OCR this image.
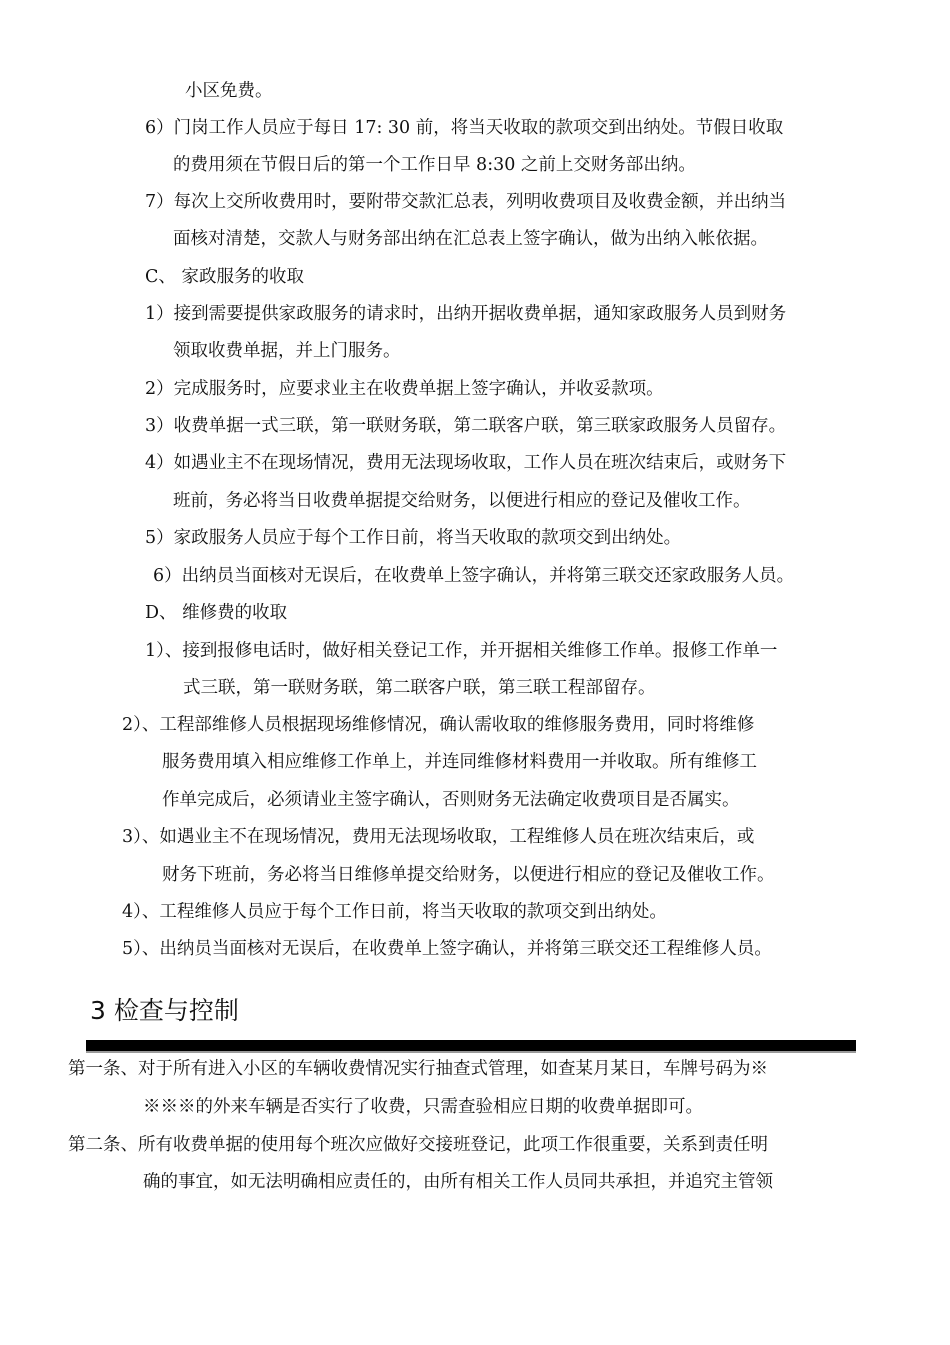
小区免费。
6）门岗工作人员应于每日 17: 30 前，将当天收取的款项交到出纳处。节假日收取
的费用须在节假日后的第一个工作日早 8:30 之前上交财务部出纳。
7）每次上交所收费用时，要附带交款汇总表，列明收费项目及收费金额，并出纳当
面核对清楚，交款人与财务部出纳在汇总表上签字确认，做为出纳入帐依据。
C、 家政服务的收取
1）接到需要提供家政服务的请求时，出纳开据收费单据，通知家政服务人员到财务
领取收费单据，并上门服务。
2）完成服务时，应要求业主在收费单据上签字确认，并收妥款项。
3）收费单据一式三联，第一联财务联，第二联客户联，第三联家政服务人员留存。
4）如遇业主不在现场情况，费用无法现场收取，工作人员在班次结束后，或财务下
班前，务必将当日收费单据提交给财务，以便进行相应的登记及催收工作。
5）家政服务人员应于每个工作日前，将当天收取的款项交到出纳处。
6）出纳员当面核对无误后，在收费单上签字确认，并将第三联交还家政服务人员。
D、 维修费的收取
1）、接到报修电话时，做好相关登记工作，并开据相关维修工作单。报修工作单一
式三联，第一联财务联，第二联客户联，第三联工程部留存。
2）、工程部维修人员根据现场维修情况，确认需收取的维修服务费用，同时将维修
服务费用填入相应维修工作单上，并连同维修材料费用一并收取。所有维修工
作单完成后，必须请业主签字确认，否则财务无法确定收费项目是否属实。
3）、如遇业主不在现场情况，费用无法现场收取，工程维修人员在班次结束后，或
财务下班前，务必将当日维修单提交给财务，以便进行相应的登记及催收工作。
4）、工程维修人员应于每个工作日前，将当天收取的款项交到出纳处。
5）、出纳员当面核对无误后，在收费单上签字确认，并将第三联交还工程维修人员。
3 检查与控制
第一条、对于所有进入小区的车辆收费情况实行抽查式管理，如查某月某日，车牌号码为※
※※※的外来车辆是否实行了收费，只需查验相应日期的收费单据即可。
第二条、所有收费单据的使用每个班次应做好交接班登记，此项工作很重要，关系到责任明
确的事宜，如无法明确相应责任的，由所有相关工作人员同共承担，并追究主管领
